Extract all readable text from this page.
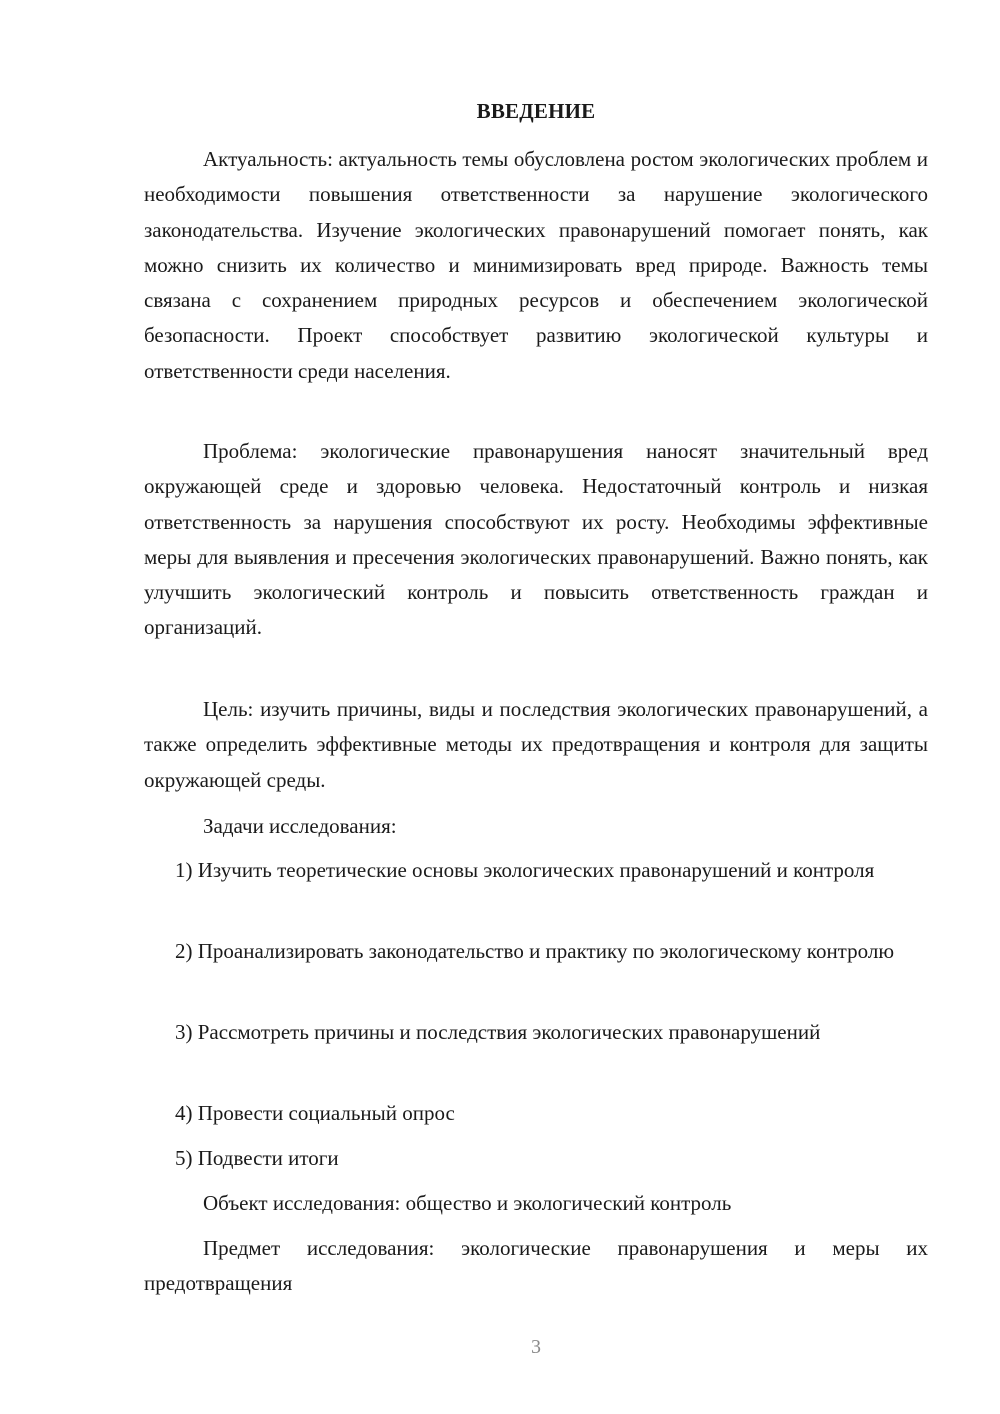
ВВЕДЕНИЕ

Актуальность: актуальность темы обусловлена ростом экологических проблем и необходимости повышения ответственности за нарушение экологического законодательства. Изучение экологических правонарушений помогает понять, как можно снизить их количество и минимизировать вред природе. Важность темы связана с сохранением природных ресурсов и обеспечением экологической безопасности. Проект способствует развитию экологической культуры и ответственности среди населения.

Проблема: экологические правонарушения наносят значительный вред окружающей среде и здоровью человека. Недостаточный контроль и низкая ответственность за нарушения способствуют их росту. Необходимы эффективные меры для выявления и пресечения экологических правонарушений. Важно понять, как улучшить экологический контроль и повысить ответственность граждан и организаций.

Цель: изучить причины, виды и последствия экологических правонарушений, а также определить эффективные методы их предотвращения и контроля для защиты окружающей среды.

Задачи исследования:

1) Изучить теоретические основы экологических правонарушений и контроля

2) Проанализировать законодательство и практику по экологическому контролю

3) Рассмотреть причины и последствия экологических правонарушений

4) Провести социальный опрос

5) Подвести итоги

Объект исследования: общество и экологический контроль

Предмет исследования: экологические правонарушения и меры их предотвращения

3
